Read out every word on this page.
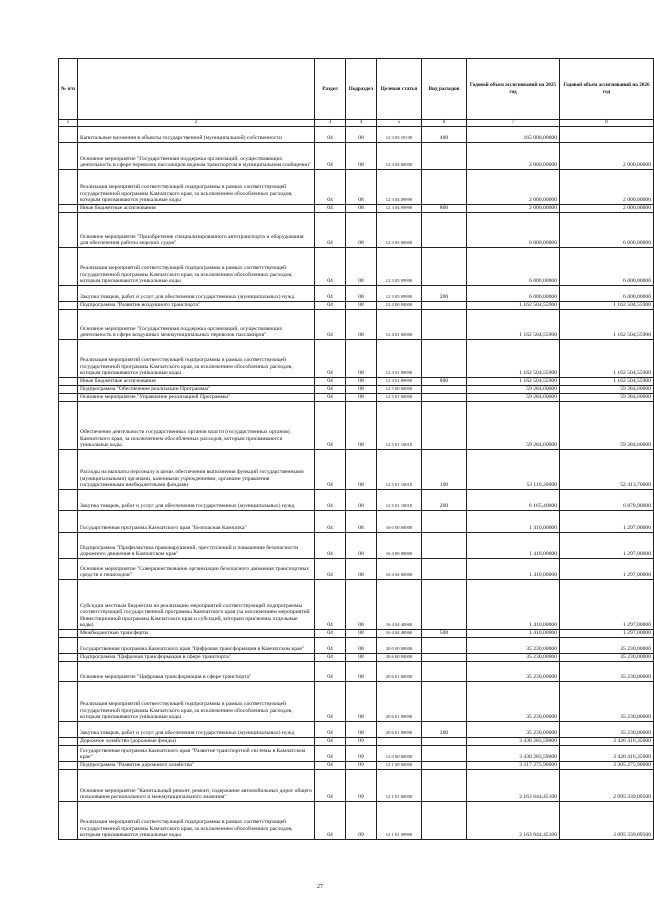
№ п/п		Раздел	Подраздел	Целевая статья	Вид расходов	Годовой объем ассигнований на 2025 год	Годовой объем ассигнований на 2026 год
1	2	3	4	5	6	7	8
	Капитальные вложения в объекты государственной (муниципальной) собственности	04	08	12 3 03 10130	400	165 000,00000	
	Основное мероприятие "Государственная поддержка организаций, осуществляющих деятельность в сфере перевозок пассажиров водным транспортом в муниципальном сообщении"	04	08	12 3 04 00000		2 000,00000	2 000,00000
	Реализация мероприятий соответствующей подпрограммы в рамках соответствующей государственной программы Камчатского края, за исключением обособленных расходов, которым присваиваются уникальные коды	04	08	12 3 04 09990		2 000,00000	2 000,00000
	Иные бюджетные ассигнования	04	08	12 3 04 09990	800	2 000,00000	2 000,00000
	Основное мероприятие "Приобретение специализированного автотранспорта и оборудования для обеспечения работы морских судов"	04	08	12 3 05 00000		6 000,00000	6 000,00000
	Реализация мероприятий соответствующей подпрограммы в рамках соответствующей государственной программы Камчатского края, за исключением обособленных расходов, которым присваиваются уникальные коды	04	08	12 3 05 09990		6 000,00000	6 000,00000
	Закупка товаров, работ и услуг для обеспечения государственных (муниципальных) нужд	04	08	12 3 05 09990	200	6 000,00000	6 000,00000
	Подпрограмма "Развитие воздушного транспорта"	04	08	12 4 00 00000		1 162 504,55900	1 162 504,55900
	Основное мероприятие "Государственная поддержка организаций, осуществляющих деятельность в сфере воздушных межмуниципальных перевозок пассажиров"	04	08	12 4 01 00000		1 162 504,55900	1 162 504,55900
	Реализация мероприятий соответствующей подпрограммы в рамках соответствующей государственной программы Камчатского края, за исключением обособленных расходов, которым присваиваются уникальные коды	04	08	12 4 01 09990		1 162 504,55900	1 162 504,55900
	Иные бюджетные ассигнования	04	08	12 4 01 09990	800	1 162 504,55900	1 162 504,55900
	Подпрограмма "Обеспечение реализации Программы"	04	08	12 5 00 00000		59 284,60000	59 284,60000
	Основное мероприятие "Управление реализацией Программы"	04	08	12 5 01 00000		59 284,60000	59 284,60000
	Обеспечение деятельности государственных органов власти (государственных органов) Камчатского края, за исключением обособленных расходов, которым присваиваются уникальные коды.	04	08	12 5 01 10010		59 284,60000	59 284,60000
	Расходы на выплаты персоналу в целях обеспечения выполнения функций государственными (муниципальными) органами, казенными учреждениями, органами управления государственными внебюджетными фондами	04	08	12 5 01 10010	100	53 119,20000	52 413,70000
	Закупка товаров, работ и услуг для обеспечения государственных (муниципальных) нужд	04	08	12 5 01 10010	200	6 165,40000	6 870,90000
	Государственная программа Камчатского края "Безопасная Камчатка"	04	08	16 0 00 00000		1 410,00000	1 297,00000
	Подпрограмма "Профилактика правонарушений, преступлений и повышение безопасности дорожного движения в Камчатском крае"	04	08	16 4 00 00000		1 410,00000	1 297,00000
	Основное мероприятие "Совершенствование организации безопасного движения транспортных средств и пешеходов"	04	08	16 4 04 00000		1 410,00000	1 297,00000
	Субсидии местным бюджетам на реализацию мероприятий соответствующей подпрограммы соответствующей государственной программы Камчатского края (за исключением мероприятий Инвестиционной программы Камчатского края и субсидий, которым присвоены отдельные коды)	04	08	16 4 04 40060		1 410,00000	1 297,00000
	Межбюджетные трансферты	04	08	16 4 04 40060	500	1 410,00000	1 297,00000
	Государственная программа Камчатского края "Цифровая трансформация в Камчатском крае"	04	08	20 0 00 00000		35 230,00000	35 230,00000
	Подпрограмма "Цифровая трансформация в сфере транспорта"	04	08	20 6 00 00000		35 230,00000	35 230,00000
	Основное мероприятие "Цифровая трансформация в сфере транспорта"	04	08	20 6 01 00000		35 230,00000	35 230,00000
	Реализация мероприятий соответствующей подпрограммы в рамках соответствующей государственной программы Камчатского края, за исключением обособленных расходов, которым присваиваются уникальные коды	04	08	20 6 01 09990		35 230,00000	35 230,00000
	Закупка товаров, работ и услуг для обеспечения государственных (муниципальных) нужд	04	08	20 6 01 09990	200	35 230,00000	35 230,00000
	Дорожное хозяйство (дорожные фонды)	04	09			3 438 283,59000	3 426 416,35000
	Государственная программа Камчатского края "Развитие транспортной системы в Камчатском крае"	04	09	12 0 00 00000		3 438 283,59000	3 426 416,35000
	Подпрограмма "Развитие дорожного хозяйства"	04	09	12 1 00 00000		3 317 275,90000	3 305 275,90000
	Основное мероприятие "Капитальный ремонт, ремонт, содержание автомобильных дорог общего пользования регионального и межмуниципального значения"	04	09	12 1 01 00000		2 163 644,45100	2 095 339,09500
	Реализация мероприятий соответствующей подпрограммы в рамках соответствующей государственной программы Камчатского края, за исключением обособленных расходов, которым присваиваются уникальные коды	04	09	12 1 01 09990		2 163 644,45100	2 095 339,09500
27
